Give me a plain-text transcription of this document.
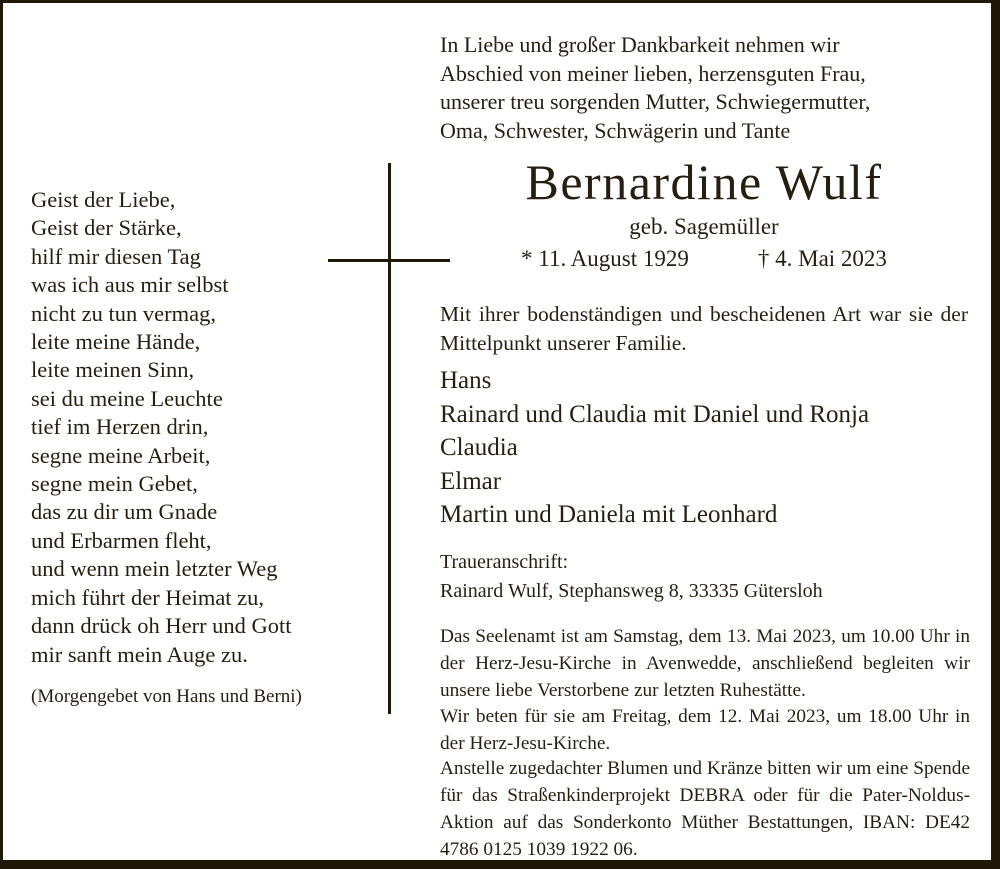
In Liebe und großer Dankbarkeit nehmen wir
Abschied von meiner lieben, herzensguten Frau,
unserer treu sorgenden Mutter, Schwiegermutter,
Oma, Schwester, Schwägerin und Tante
Geist der Liebe,
Geist der Stärke,
hilf mir diesen Tag
was ich aus mir selbst
nicht zu tun vermag,
leite meine Hände,
leite meinen Sinn,
sei du meine Leuchte
tief im Herzen drin,
segne meine Arbeit,
segne mein Gebet,
das zu dir um Gnade
und Erbarmen fleht,
und wenn mein letzter Weg
mich führt der Heimat zu,
dann drück oh Herr und Gott
mir sanft mein Auge zu.
(Morgengebet von Hans und Berni)
Bernardine Wulf
geb. Sagemüller
* 11. August 1929	† 4. Mai 2023
Mit ihrer bodenständigen und bescheidenen Art war sie der Mittelpunkt unserer Familie.
Hans
Rainard und Claudia mit Daniel und Ronja
Claudia
Elmar
Martin und Daniela mit Leonhard
Traueranschrift:
Rainard Wulf, Stephansweg 8, 33335 Gütersloh
Das Seelenamt ist am Samstag, dem 13. Mai 2023, um 10.00 Uhr in der Herz-Jesu-Kirche in Avenwedde, anschließend begleiten wir unsere liebe Verstorbene zur letzten Ruhestätte.
Wir beten für sie am Freitag, dem 12. Mai 2023, um 18.00 Uhr in der Herz-Jesu-Kirche.
Anstelle zugedachter Blumen und Kränze bitten wir um eine Spende für das Straßenkinderprojekt DEBRA oder für die Pater-Noldus-Aktion auf das Sonderkonto Müther Bestattungen, IBAN: DE42 4786 0125 1039 1922 06.
